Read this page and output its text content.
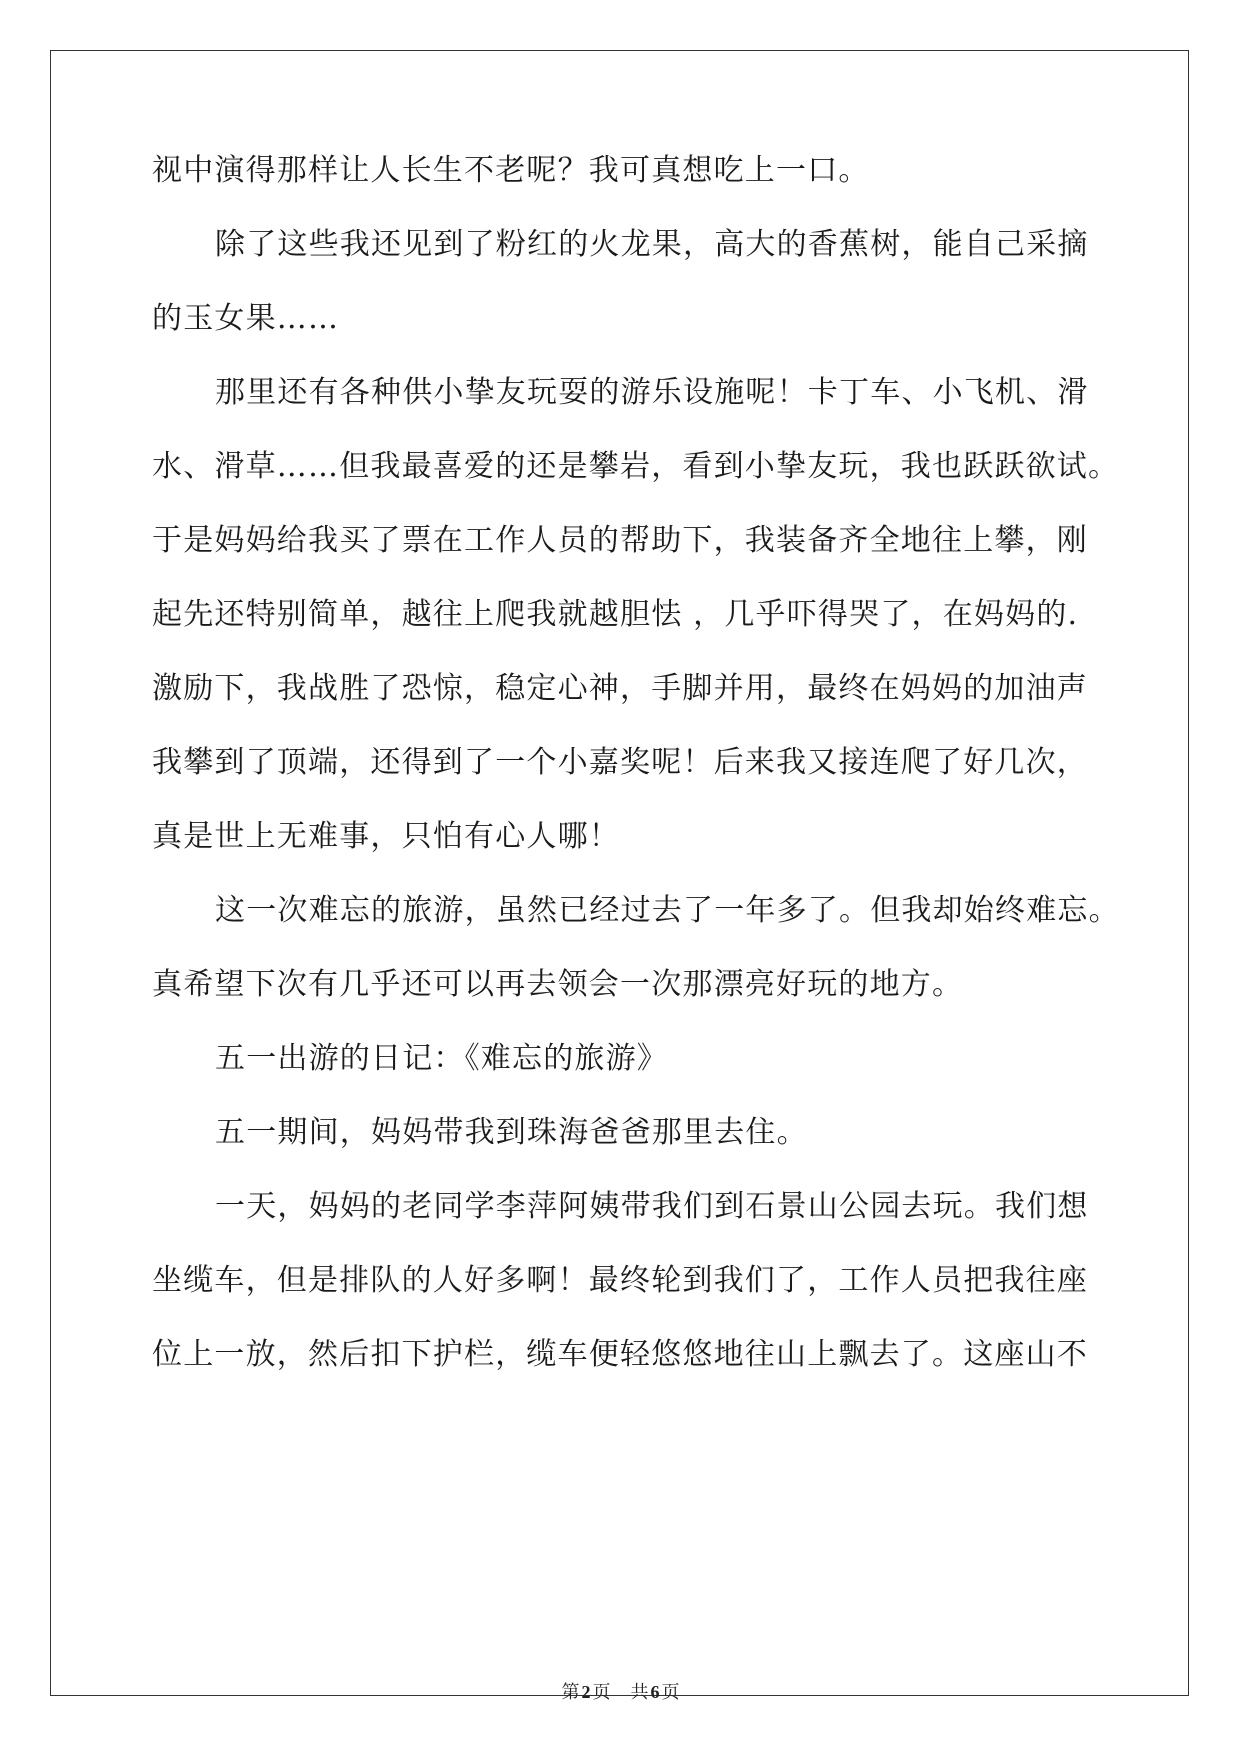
视中演得那样让人长生不老呢？我可真想吃上一口。
除了这些我还见到了粉红的火龙果，高大的香蕉树，能自己采摘
的玉女果……
那里还有各种供小挚友玩耍的游乐设施呢！卡丁车、小飞机、滑
水、滑草……但我最喜爱的还是攀岩，看到小挚友玩，我也跃跃欲试。
于是妈妈给我买了票在工作人员的帮助下，我装备齐全地往上攀，刚
起先还特别简单，越往上爬我就越胆怯 ，几乎吓得哭了，在妈妈的.
激励下，我战胜了恐惊，稳定心神，手脚并用，最终在妈妈的加油声
我攀到了顶端，还得到了一个小嘉奖呢！后来我又接连爬了好几次，
真是世上无难事，只怕有心人哪！
这一次难忘的旅游，虽然已经过去了一年多了。但我却始终难忘。
真希望下次有几乎还可以再去领会一次那漂亮好玩的地方。
五一出游的日记：《难忘的旅游》
五一期间，妈妈带我到珠海爸爸那里去住。
一天，妈妈的老同学李萍阿姨带我们到石景山公园去玩。我们想
坐缆车，但是排队的人好多啊！最终轮到我们了，工作人员把我往座
位上一放，然后扣下护栏，缆车便轻悠悠地往山上飘去了。这座山不
第 2 页 共 6 页
